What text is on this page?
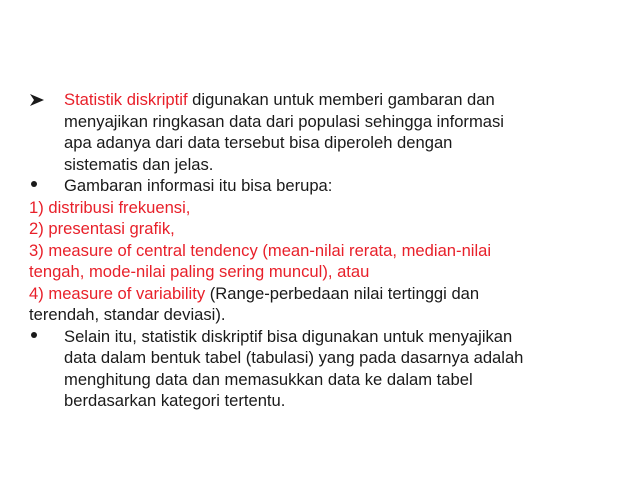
Statistik diskriptif digunakan untuk memberi gambaran dan
menyajikan ringkasan data dari populasi sehingga informasi
apa adanya dari data tersebut bisa diperoleh dengan
sistematis dan jelas.
Gambaran informasi itu bisa berupa:
1) distribusi frekuensi,
2) presentasi grafik,
3) measure of central tendency (mean-nilai rerata, median-nilai
tengah, mode-nilai paling sering muncul), atau
4) measure of variability (Range-perbedaan nilai tertinggi dan
terendah, standar deviasi).
Selain itu, statistik diskriptif bisa digunakan untuk menyajikan
data dalam bentuk tabel (tabulasi) yang pada dasarnya adalah
menghitung data dan memasukkan data ke dalam tabel
berdasarkan kategori tertentu.
